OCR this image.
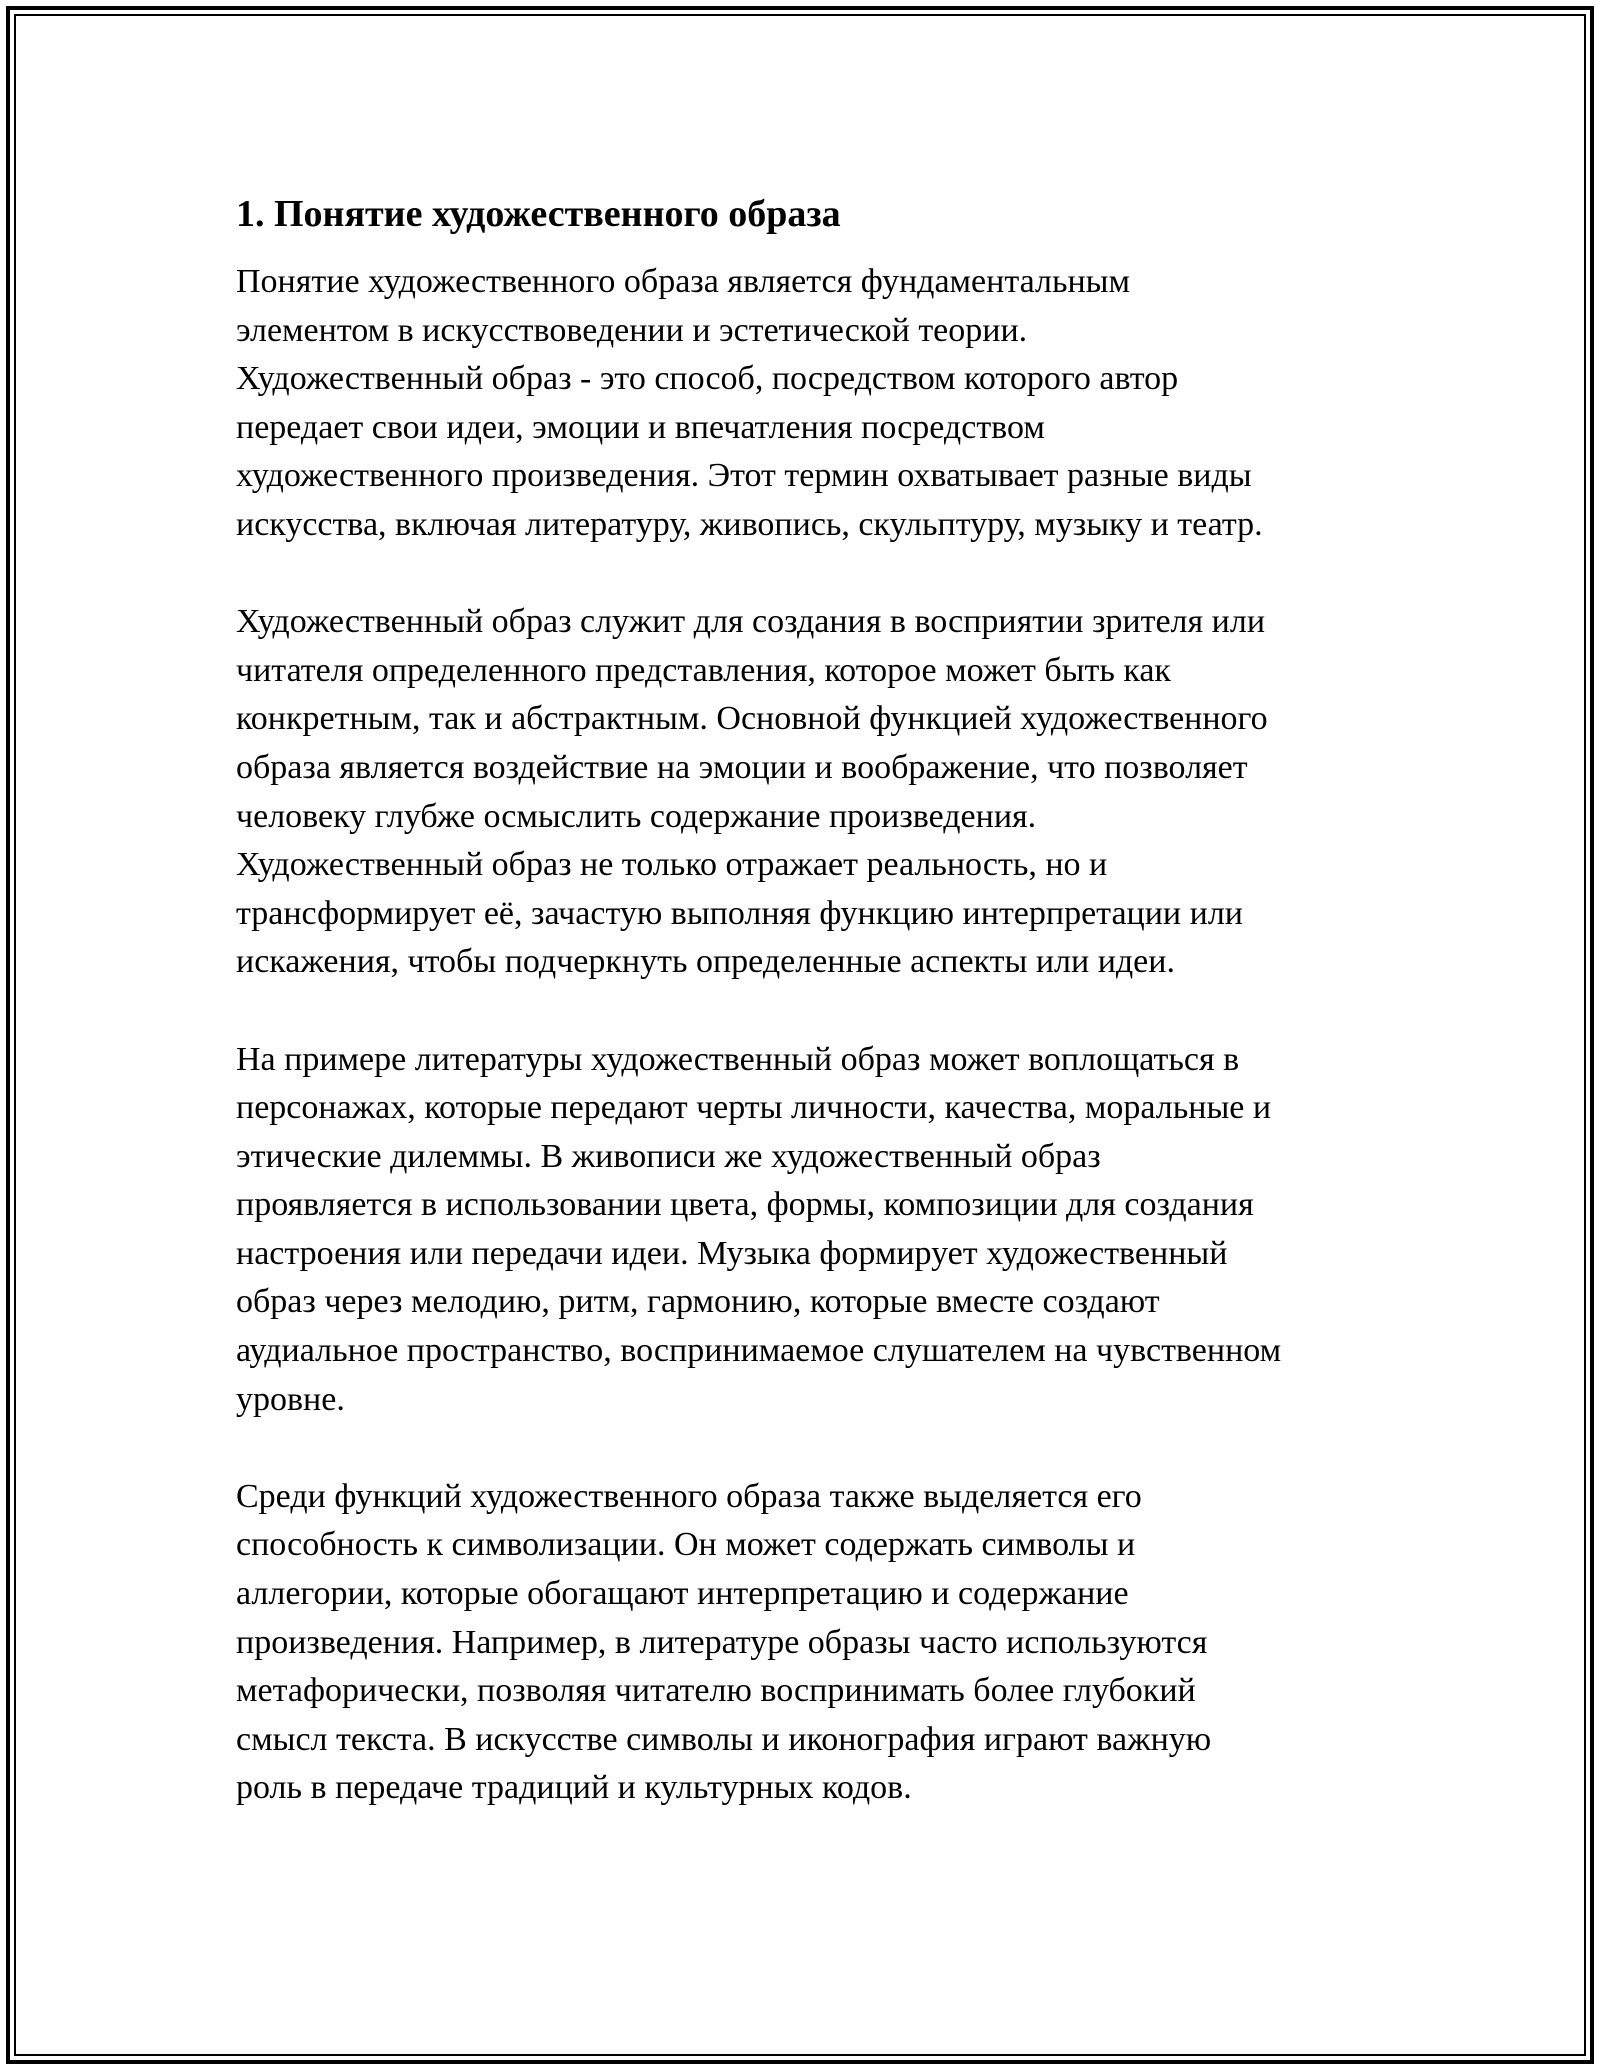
1. Понятие художественного образа

Понятие художественного образа является фундаментальным
элементом в искусствоведении и эстетической теории.
Художественный образ - это способ, посредством которого автор
передает свои идеи, эмоции и впечатления посредством
художественного произведения. Этот термин охватывает разные виды
искусства, включая литературу, живопись, скульптуру, музыку и театр.

Художественный образ служит для создания в восприятии зрителя или
читателя определенного представления, которое может быть как
конкретным, так и абстрактным. Основной функцией художественного
образа является воздействие на эмоции и воображение, что позволяет
человеку глубже осмыслить содержание произведения.
Художественный образ не только отражает реальность, но и
трансформирует её, зачастую выполняя функцию интерпретации или
искажения, чтобы подчеркнуть определенные аспекты или идеи.

На примере литературы художественный образ может воплощаться в
персонажах, которые передают черты личности, качества, моральные и
этические дилеммы. В живописи же художественный образ
проявляется в использовании цвета, формы, композиции для создания
настроения или передачи идеи. Музыка формирует художественный
образ через мелодию, ритм, гармонию, которые вместе создают
аудиальное пространство, воспринимаемое слушателем на чувственном
уровне.

Среди функций художественного образа также выделяется его
способность к символизации. Он может содержать символы и
аллегории, которые обогащают интерпретацию и содержание
произведения. Например, в литературе образы часто используются
метафорически, позволяя читателю воспринимать более глубокий
смысл текста. В искусстве символы и иконография играют важную
роль в передаче традиций и культурных кодов.
